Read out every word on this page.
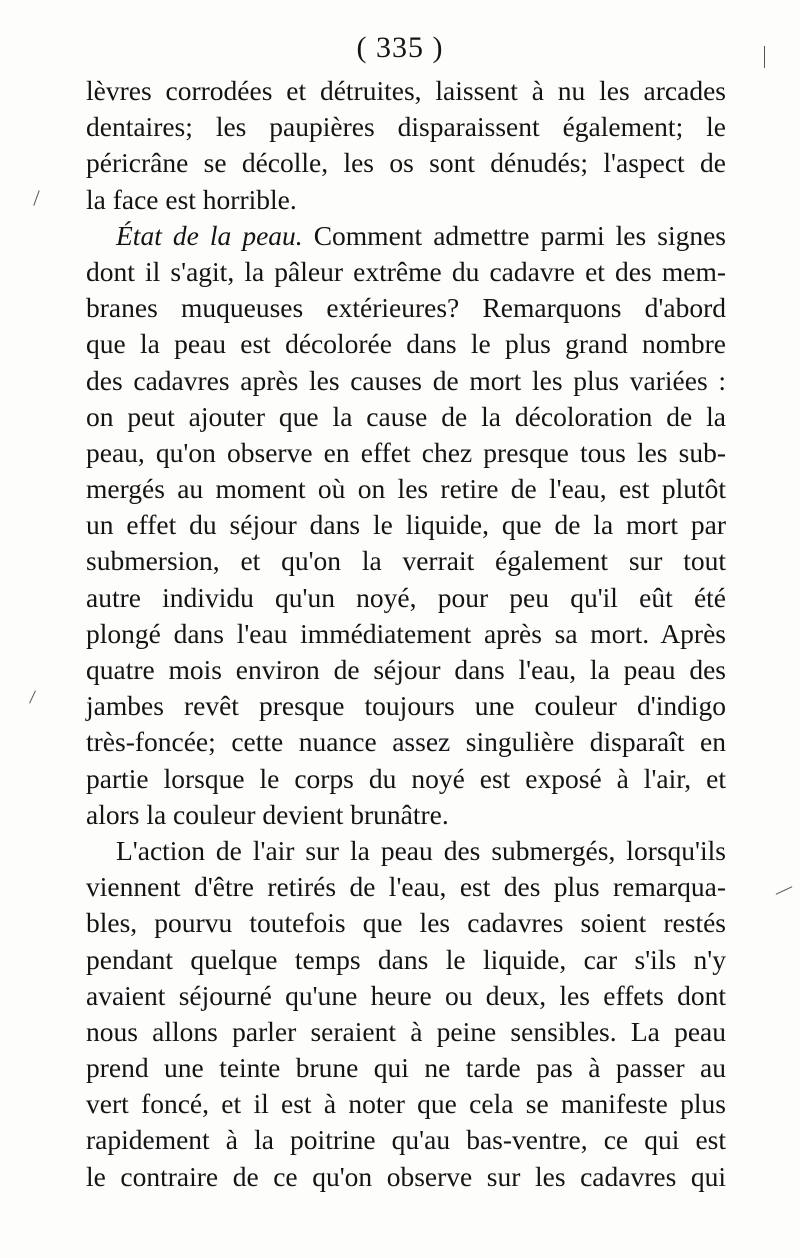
( 335 )
lèvres corrodées et détruites, laissent à nu les arcades
dentaires; les paupières disparaissent également; le
péricrâne se décolle, les os sont dénudés; l'aspect de
la face est horrible.
État de la peau. Comment admettre parmi les signes
dont il s'agit, la pâleur extrême du cadavre et des mem-
branes muqueuses extérieures? Remarquons d'abord
que la peau est décolorée dans le plus grand nombre
des cadavres après les causes de mort les plus variées :
on peut ajouter que la cause de la décoloration de la
peau, qu'on observe en effet chez presque tous les sub-
mergés au moment où on les retire de l'eau, est plutôt
un effet du séjour dans le liquide, que de la mort par
submersion, et qu'on la verrait également sur tout
autre individu qu'un noyé, pour peu qu'il eût été
plongé dans l'eau immédiatement après sa mort. Après
quatre mois environ de séjour dans l'eau, la peau des
jambes revêt presque toujours une couleur d'indigo
très-foncée; cette nuance assez singulière disparaît en
partie lorsque le corps du noyé est exposé à l'air, et
alors la couleur devient brunâtre.
L'action de l'air sur la peau des submergés, lorsqu'ils
viennent d'être retirés de l'eau, est des plus remarqua-
bles, pourvu toutefois que les cadavres soient restés
pendant quelque temps dans le liquide, car s'ils n'y
avaient séjourné qu'une heure ou deux, les effets dont
nous allons parler seraient à peine sensibles. La peau
prend une teinte brune qui ne tarde pas à passer au
vert foncé, et il est à noter que cela se manifeste plus
rapidement à la poitrine qu'au bas-ventre, ce qui est
le contraire de ce qu'on observe sur les cadavres qui
